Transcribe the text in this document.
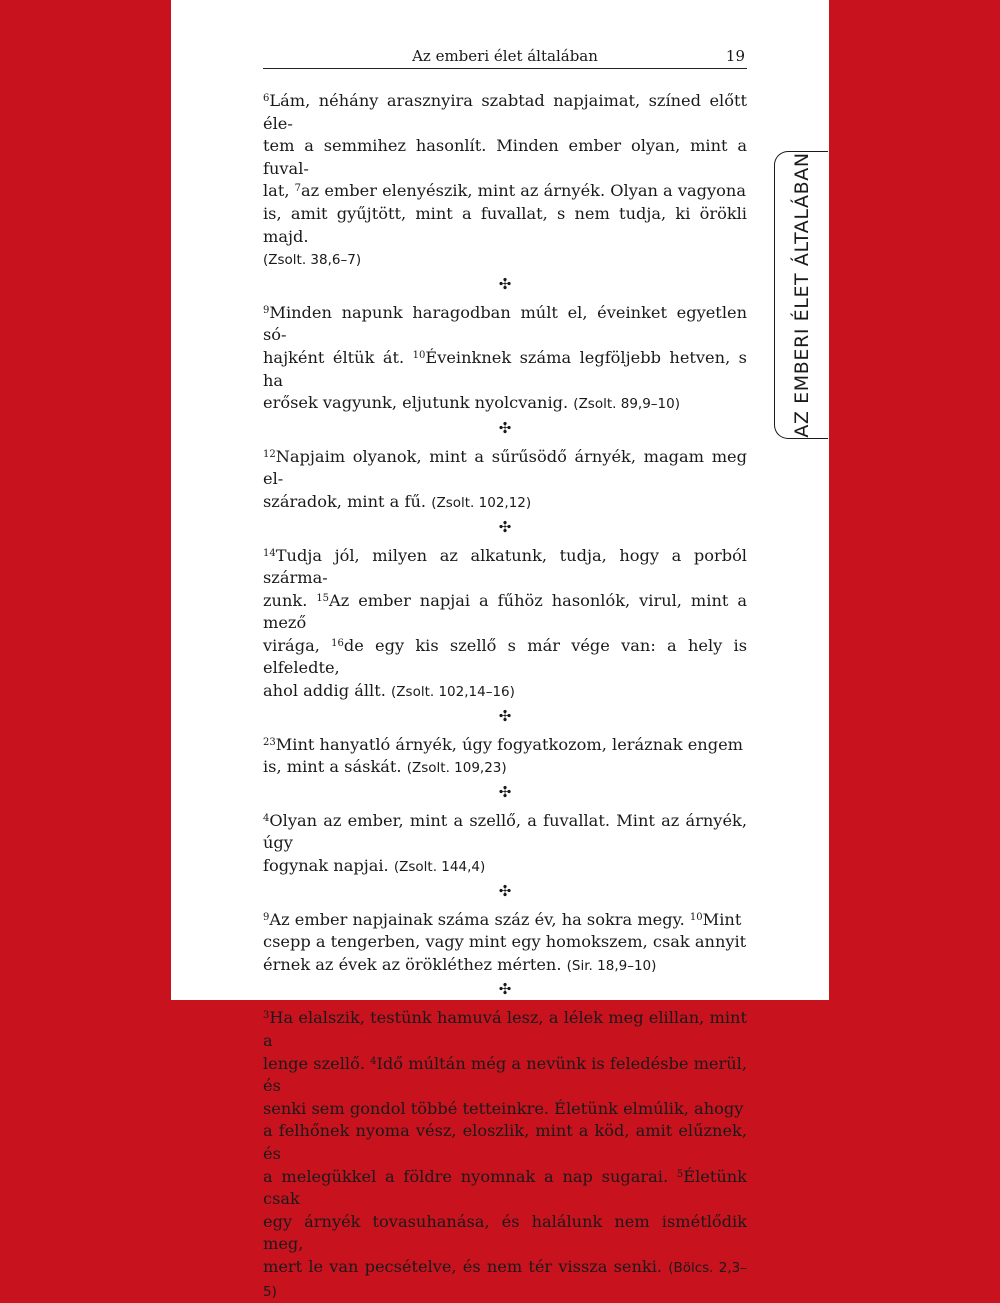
Az emberi élet általában	19

$^6$Lám, néhány arasznyira szabtad napjaimat, színed előtt éle-
tem a semmihez hasonlít. Minden ember olyan, mint a fuval-
lat, $^7$az ember elenyészik, mint az árnyék. Olyan a vagyona
is, amit gyűjtött, mint a fuvallat, s nem tudja, ki örökli majd.
(Zsolt. 38,6–7)

✣

$^9$Minden napunk haragodban múlt el, éveinket egyetlen só-
hajként éltük át. $^{10}$Éveinknek száma legföljebb hetven, s ha
erősek vagyunk, eljutunk nyolcvanig. (Zsolt. 89,9–10)

✣

$^{12}$Napjaim olyanok, mint a sűrűsödő árnyék, magam meg el-
száradok, mint a fű. (Zsolt. 102,12)

✣

$^{14}$Tudja jól, milyen az alkatunk, tudja, hogy a porból szárma-
zunk. $^{15}$Az ember napjai a fűhöz hasonlók, virul, mint a mező
virága, $^{16}$de egy kis szellő s már vége van: a hely is elfeledte,
ahol addig állt. (Zsolt. 102,14–16)

✣

$^{23}$Mint hanyatló árnyék, úgy fogyatkozom, leráznak engem
is, mint a sáskát. (Zsolt. 109,23)

✣

$^4$Olyan az ember, mint a szellő, a fuvallat. Mint az árnyék, úgy
fogynak napjai. (Zsolt. 144,4)

✣

$^9$Az ember napjainak száma száz év, ha sokra megy. $^{10}$Mint
csepp a tengerben, vagy mint egy homokszem, csak annyit
érnek az évek az örökléthez mérten. (Sir. 18,9–10)

✣

$^3$Ha elalszik, testünk hamuvá lesz, a lélek meg elillan, mint a
lenge szellő. $^4$Idő múltán még a nevünk is feledésbe merül, és
senki sem gondol többé tetteinkre. Életünk elmúlik, ahogy
a felhőnek nyoma vész, eloszlik, mint a köd, amit elűznek, és
a melegükkel a földre nyomnak a nap sugarai. $^5$Életünk csak
egy árnyék tovasuhanása, és halálunk nem ismétlődik meg,
mert le van pecsételve, és nem tér vissza senki. (Bölcs. 2,3–5)

AZ EMBERI ÉLET ÁLTALÁBAN
